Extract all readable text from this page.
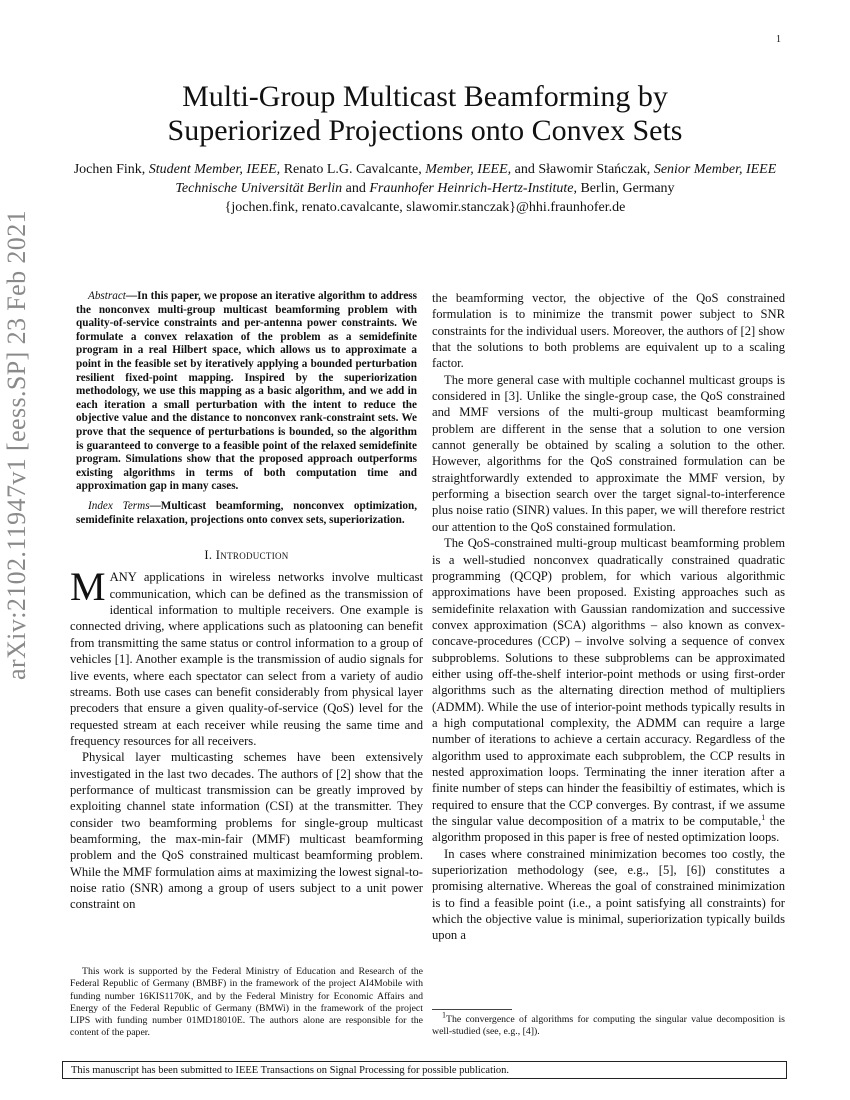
1
arXiv:2102.11947v1 [eess.SP] 23 Feb 2021
Multi-Group Multicast Beamforming by
Superiorized Projections onto Convex Sets
Jochen Fink, Student Member, IEEE, Renato L.G. Cavalcante, Member, IEEE, and Sławomir Stańczak, Senior Member, IEEE
Technische Universität Berlin and Fraunhofer Heinrich-Hertz-Institute, Berlin, Germany
{jochen.fink, renato.cavalcante, slawomir.stanczak}@hhi.fraunhofer.de
Abstract—In this paper, we propose an iterative algorithm to address the nonconvex multi-group multicast beamforming problem with quality-of-service constraints and per-antenna power constraints. We formulate a convex relaxation of the problem as a semidefinite program in a real Hilbert space, which allows us to approximate a point in the feasible set by iteratively applying a bounded perturbation resilient fixed-point mapping. Inspired by the superiorization methodology, we use this mapping as a basic algorithm, and we add in each iteration a small perturbation with the intent to reduce the objective value and the distance to nonconvex rank-constraint sets. We prove that the sequence of perturbations is bounded, so the algorithm is guaranteed to converge to a feasible point of the relaxed semidefinite program. Simulations show that the proposed approach outperforms existing algorithms in terms of both computation time and approximation gap in many cases.
Index Terms—Multicast beamforming, nonconvex optimization, semidefinite relaxation, projections onto convex sets, superiorization.
I. Introduction

MANY applications in wireless networks involve multicast communication, which can be defined as the transmission of identical information to multiple receivers. One example is connected driving, where applications such as platooning can benefit from transmitting the same status or control information to a group of vehicles [1]. Another example is the transmission of audio signals for live events, where each spectator can select from a variety of audio streams. Both use cases can benefit considerably from physical layer precoders that ensure a given quality-of-service (QoS) level for the requested stream at each receiver while reusing the same time and frequency resources for all receivers.

Physical layer multicasting schemes have been extensively investigated in the last two decades. The authors of [2] show that the performance of multicast transmission can be greatly improved by exploiting channel state information (CSI) at the transmitter. They consider two beamforming problems for single-group multicast beamforming, the max-min-fair (MMF) multicast beamforming problem and the QoS constrained multicast beamforming problem. While the MMF formulation aims at maximizing the lowest signal-to-noise ratio (SNR) among a group of users subject to a unit power constraint on

the beamforming vector, the objective of the QoS constrained formulation is to minimize the transmit power subject to SNR constraints for the individual users. Moreover, the authors of [2] show that the solutions to both problems are equivalent up to a scaling factor.

The more general case with multiple cochannel multicast groups is considered in [3]. Unlike the single-group case, the QoS constrained and MMF versions of the multi-group multicast beamforming problem are different in the sense that a solution to one version cannot generally be obtained by scaling a solution to the other. However, algorithms for the QoS constrained formulation can be straightforwardly extended to approximate the MMF version, by performing a bisection search over the target signal-to-interference plus noise ratio (SINR) values. In this paper, we will therefore restrict our attention to the QoS constained formulation.

The QoS-constrained multi-group multicast beamforming problem is a well-studied nonconvex quadratically constrained quadratic programming (QCQP) problem, for which various algorithmic approximations have been proposed. Existing approaches such as semidefinite relaxation with Gaussian randomization and successive convex approximation (SCA) algorithms – also known as convex-concave-procedures (CCP) – involve solving a sequence of convex subproblems. Solutions to these subproblems can be approximated either using off-the-shelf interior-point methods or using first-order algorithms such as the alternating direction method of multipliers (ADMM). While the use of interior-point methods typically results in a high computational complexity, the ADMM can require a large number of iterations to achieve a certain accuracy. Regardless of the algorithm used to approximate each subproblem, the CCP results in nested approximation loops. Terminating the inner iteration after a finite number of steps can hinder the feasibiltiy of estimates, which is required to ensure that the CCP converges. By contrast, if we assume the singular value decomposition of a matrix to be computable,$^1$ the algorithm proposed in this paper is free of nested optimization loops.

In cases where constrained minimization becomes too costly, the superiorization methodology (see, e.g., [5], [6]) constitutes a promising alternative. Whereas the goal of constrained minimization is to find a feasible point (i.e., a point satisfying all constraints) for which the objective value is minimal, superiorization typically builds upon a

This work is supported by the Federal Ministry of Education and Research of the Federal Republic of Germany (BMBF) in the framework of the project AI4Mobile with funding number 16KIS1170K, and by the Federal Ministry for Economic Affairs and Energy of the Federal Republic of Germany (BMWi) in the framework of the project LIPS with funding number 01MD18010E. The authors alone are responsible for the content of the paper.
$^1$The convergence of algorithms for computing the singular value decomposition is well-studied (see, e.g., [4]).
This manuscript has been submitted to IEEE Transactions on Signal Processing for possible publication.
